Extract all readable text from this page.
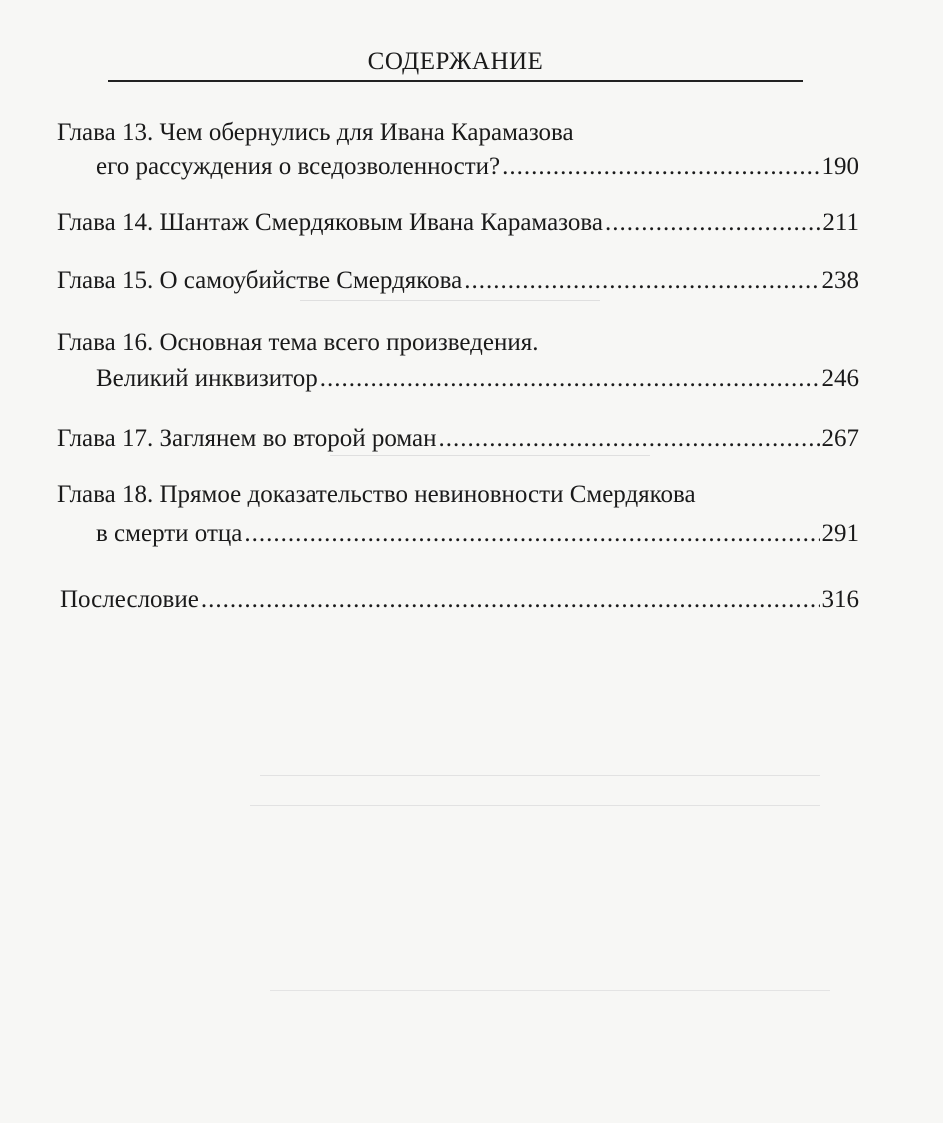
СОДЕРЖАНИЕ
Глава 13. Чем обернулись для Ивана Карамазова
его рассуждения о вседозволенности? .....	190
Глава 14. Шантаж Смердяковым Ивана Карамазова .....	211
Глава 15. О самоубийстве Смердякова .....	238
Глава 16. Основная тема всего произведения.
Великий инквизитор .....	246
Глава 17. Заглянем во второй роман .....	267
Глава 18. Прямое доказательство невиновности Смердякова
в смерти отца .....	291
Послесловие .....	316
